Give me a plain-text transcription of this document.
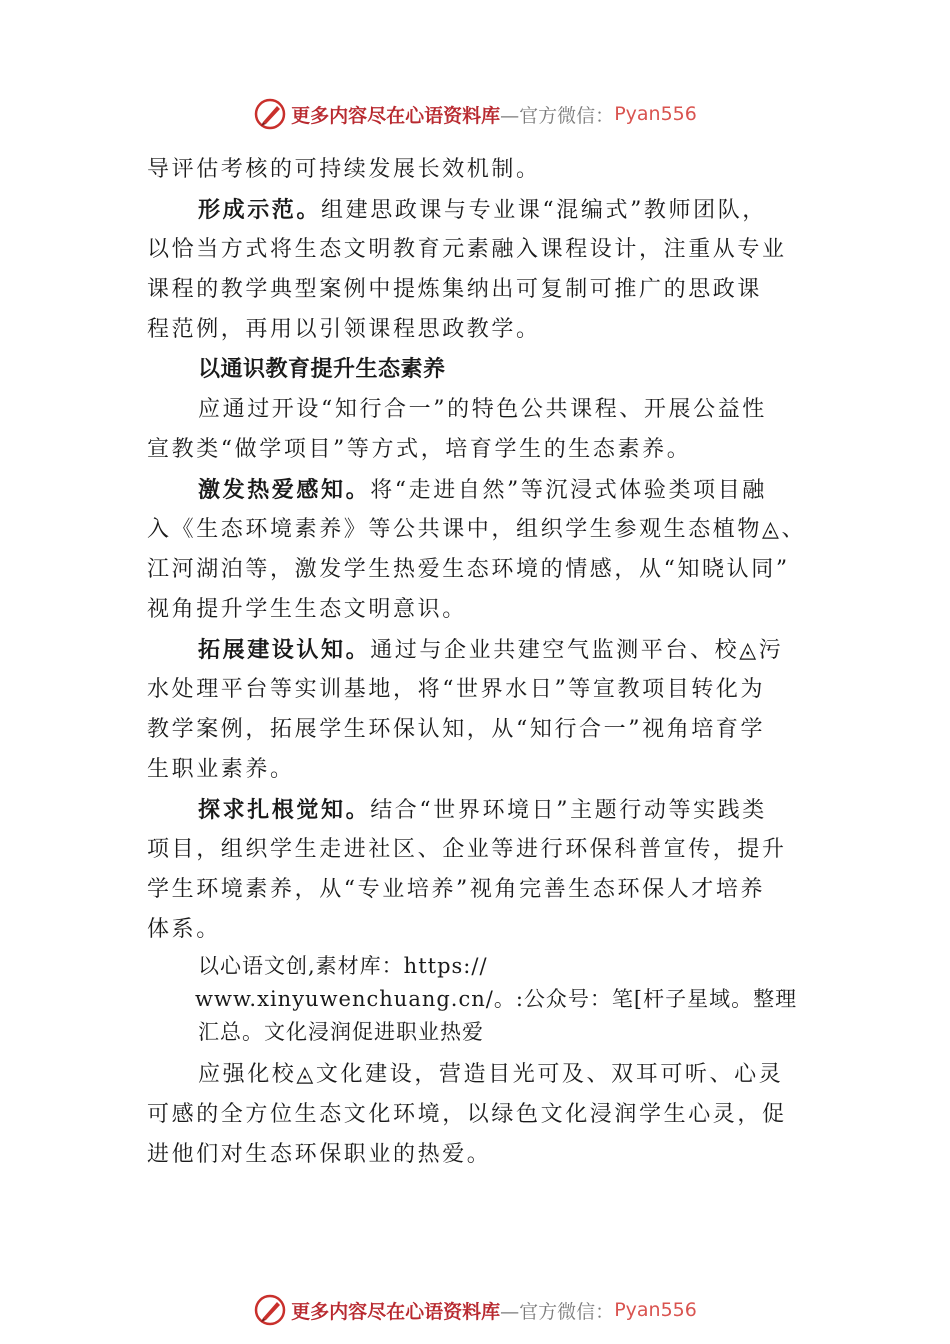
更多内容尽在心语资料库 —官方微信： Pyan556
导评估考核的可持续发展长效机制。
形成示范。组建思政课与专业课“混编式”教师团队，
以恰当方式将生态文明教育元素融入课程设计，注重从专业
课程的教学典型案例中提炼集纳出可复制可推广的思政课
程范例，再用以引领课程思政教学。
以通识教育提升生态素养
应通过开设“知行合一”的特色公共课程、开展公益性
宣教类“做学项目”等方式，培育学生的生态素养。
激发热爱感知。将“走进自然”等沉浸式体验类项目融
入《生态环境素养》等公共课中，组织学生参观生态植物◬、
江河湖泊等，激发学生热爱生态环境的情感，从“知晓认同”
视角提升学生生态文明意识。
拓展建设认知。通过与企业共建空气监测平台、校◬污
水处理平台等实训基地，将“世界水日”等宣教项目转化为
教学案例，拓展学生环保认知，从“知行合一”视角培育学
生职业素养。
探求扎根觉知。结合“世界环境日”主题行动等实践类
项目，组织学生走进社区、企业等进行环保科普宣传，提升
学生环境素养，从“专业培养”视角完善生态环保人才培养
体系。
以心语文创,素材库：https://
www.xinyuwenchuang.cn/。:公众号：笔[杆子星域。整理
汇总。文化浸润促进职业热爱
应强化校◬文化建设，营造目光可及、双耳可听、心灵
可感的全方位生态文化环境，以绿色文化浸润学生心灵，促
进他们对生态环保职业的热爱。
更多内容尽在心语资料库 —官方微信： Pyan556
